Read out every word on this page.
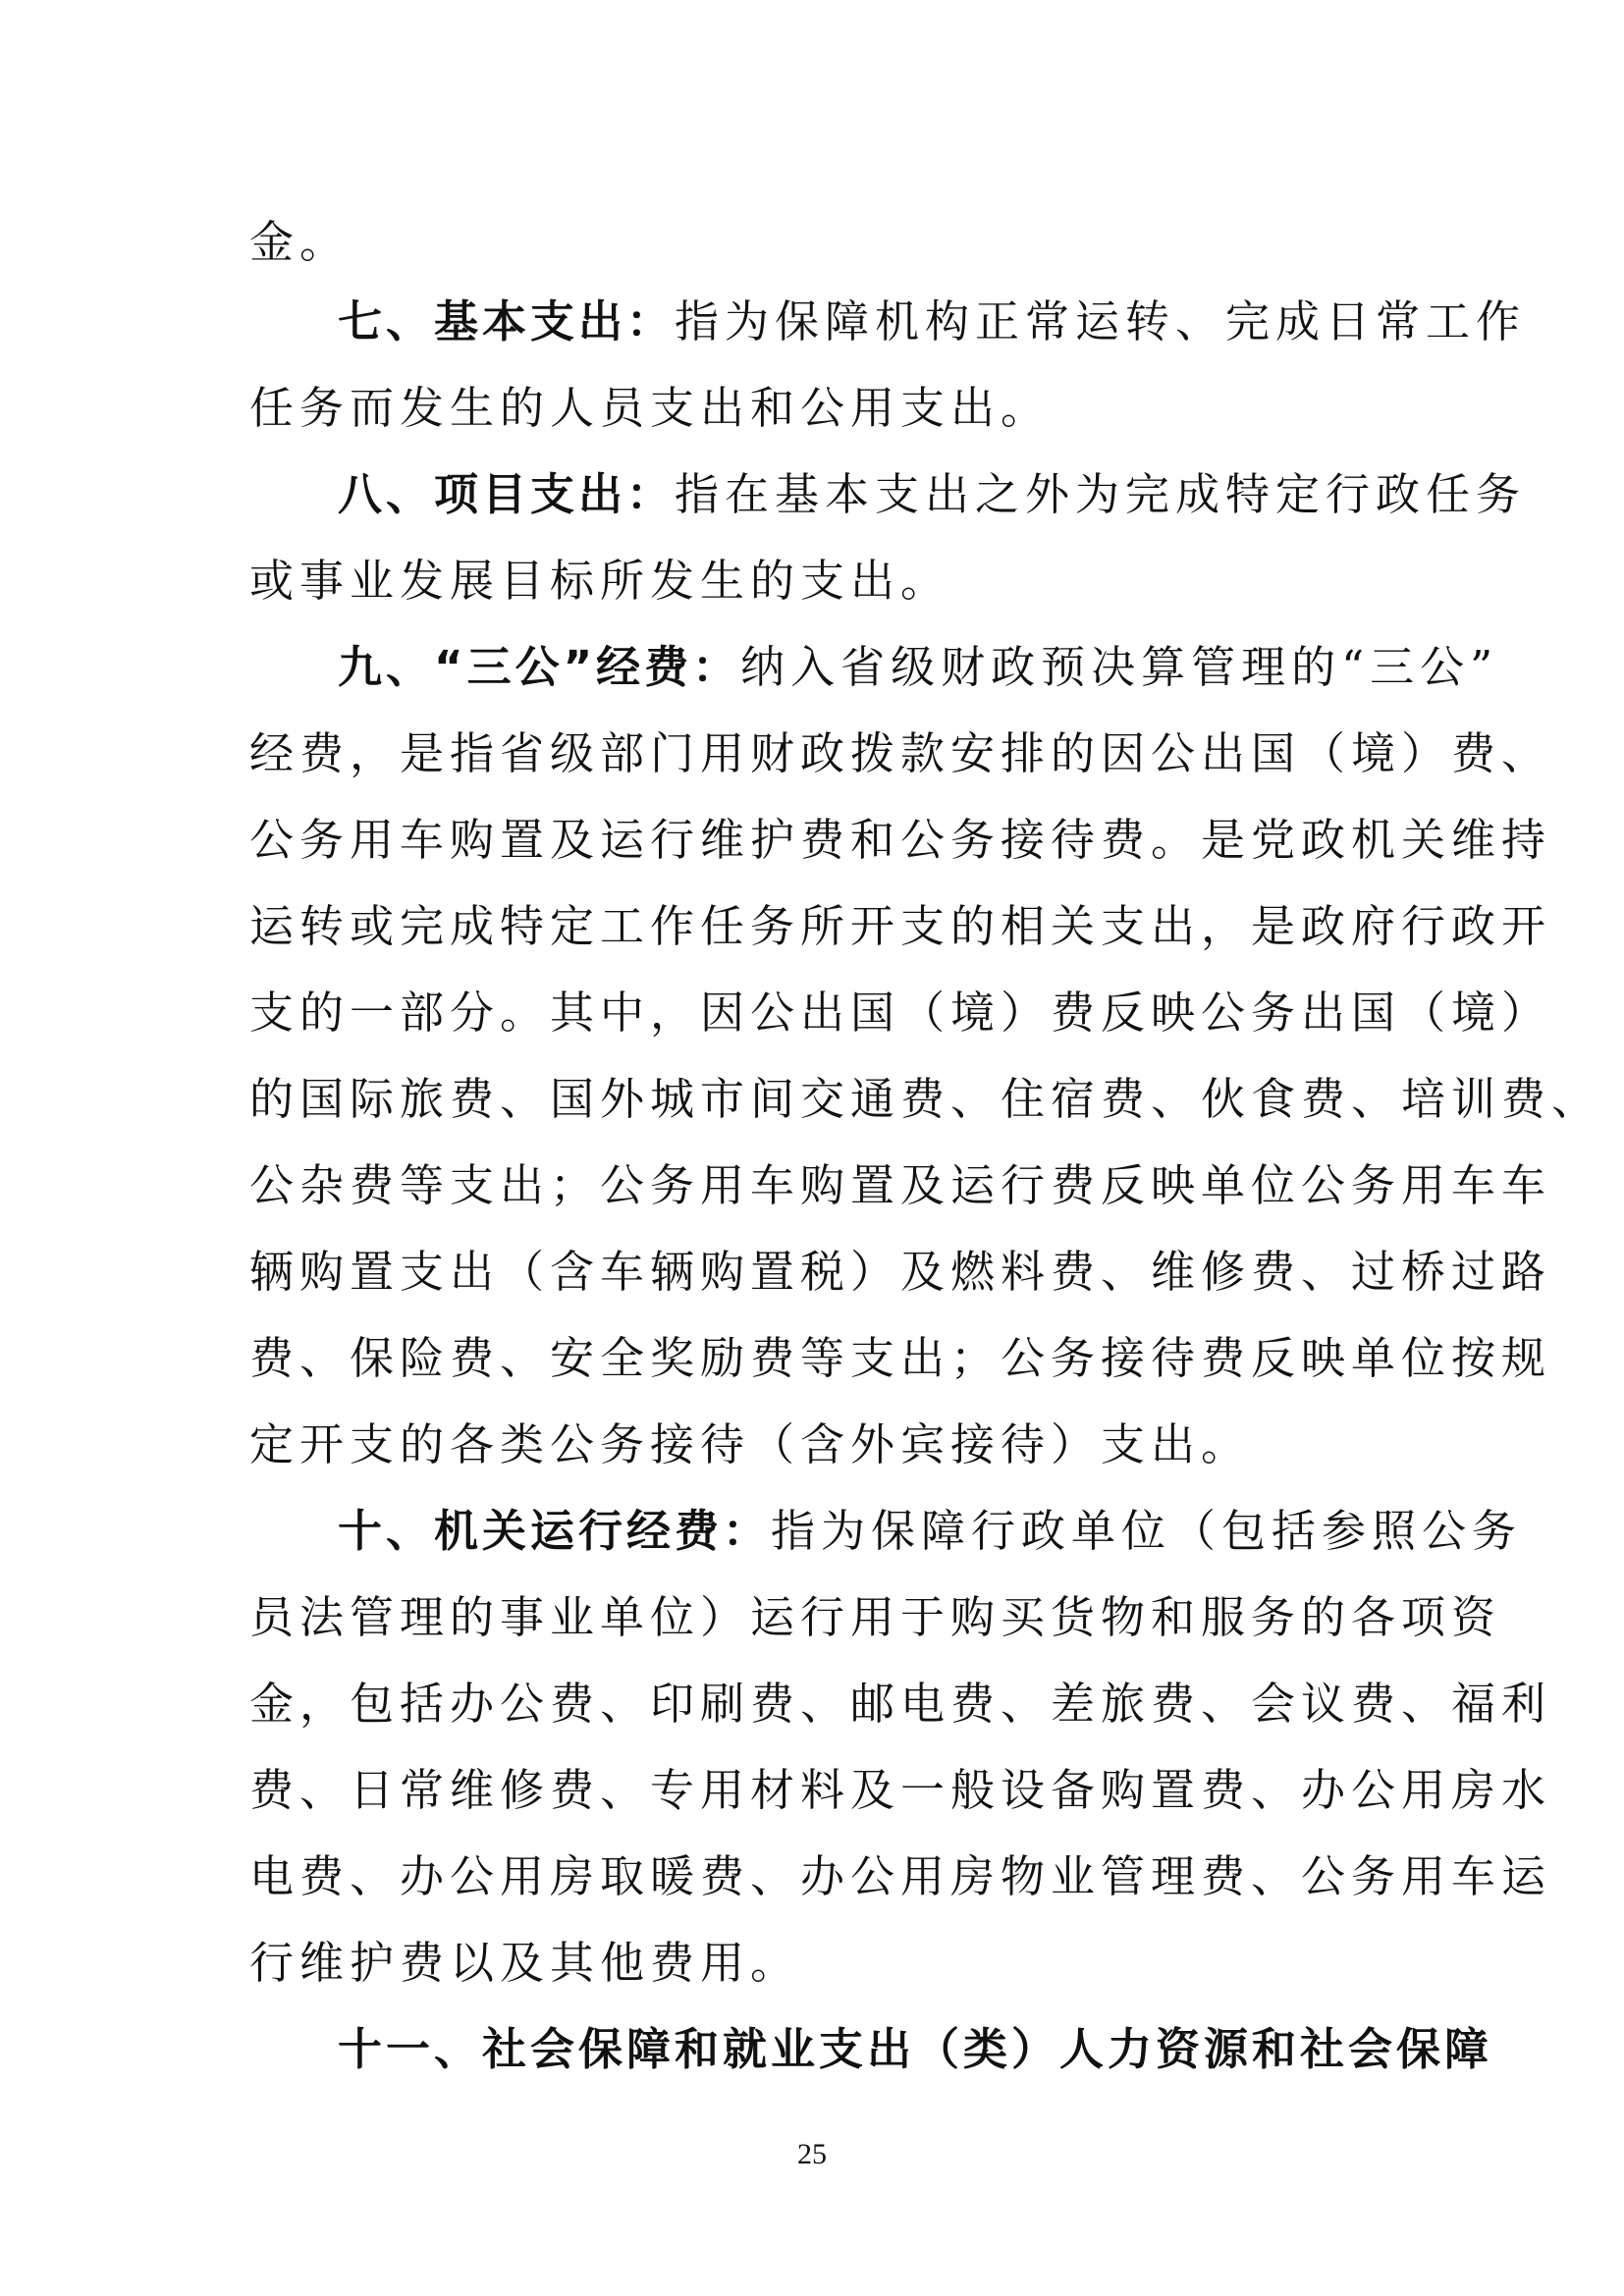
金。
七、基本支出：指为保障机构正常运转、完成日常工作
任务而发生的人员支出和公用支出。
八、项目支出：指在基本支出之外为完成特定行政任务
或事业发展目标所发生的支出。
九、“三公”经费：纳入省级财政预决算管理的“三公”
经费，是指省级部门用财政拨款安排的因公出国（境）费、
公务用车购置及运行维护费和公务接待费。是党政机关维持
运转或完成特定工作任务所开支的相关支出，是政府行政开
支的一部分。其中，因公出国（境）费反映公务出国（境）
的国际旅费、国外城市间交通费、住宿费、伙食费、培训费、
公杂费等支出；公务用车购置及运行费反映单位公务用车车
辆购置支出（含车辆购置税）及燃料费、维修费、过桥过路
费、保险费、安全奖励费等支出；公务接待费反映单位按规
定开支的各类公务接待（含外宾接待）支出。
十、机关运行经费：指为保障行政单位（包括参照公务
员法管理的事业单位）运行用于购买货物和服务的各项资
金，包括办公费、印刷费、邮电费、差旅费、会议费、福利
费、日常维修费、专用材料及一般设备购置费、办公用房水
电费、办公用房取暖费、办公用房物业管理费、公务用车运
行维护费以及其他费用。
十一、社会保障和就业支出（类）人力资源和社会保障
25
